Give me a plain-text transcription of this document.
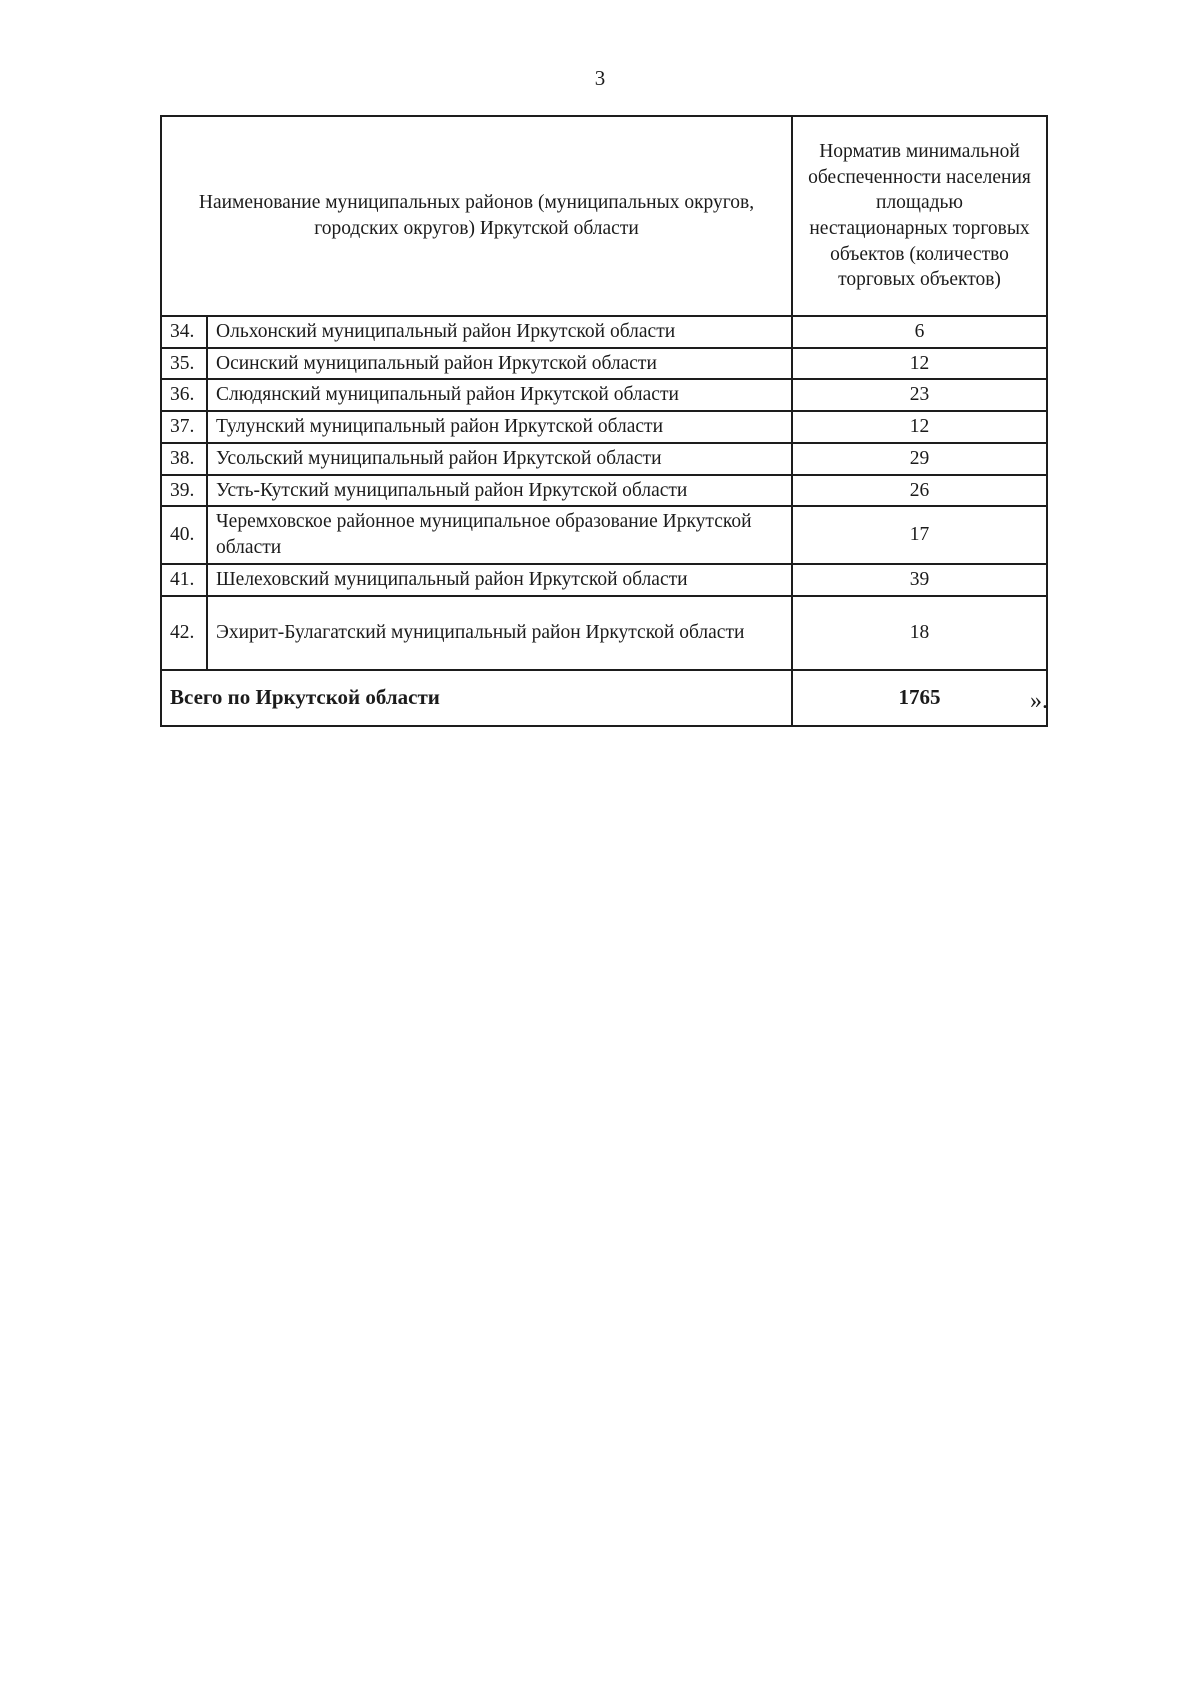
3
Наименование муниципальных районов (муниципальных округов, городских округов) Иркутской области		Норматив минимальной обеспеченности населения площадью нестационарных торговых объектов (количество торговых объектов)
34.	Ольхонский муниципальный район Иркутской области	6
35.	Осинский муниципальный район Иркутской области	12
36.	Слюдянский муниципальный район Иркутской области	23
37.	Тулунский муниципальный район Иркутской области	12
38.	Усольский муниципальный район Иркутской области	29
39.	Усть-Кутский муниципальный район Иркутской области	26
40.	Черемховское районное муниципальное образование Иркутской области	17
41.	Шелеховский муниципальный район Иркутской области	39
42.	Эхирит-Булагатский муниципальный район Иркутской области	18
Всего по Иркутской области		1765	».
